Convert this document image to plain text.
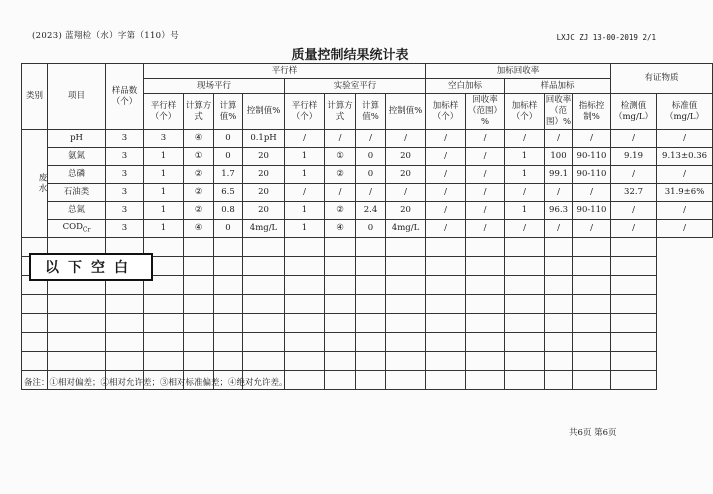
(2023) 蓝翔检（水）字第（110）号	LXJC ZJ 13-00-2019 2/1
质量控制结果统计表
类别	项目	样品数（个）	平行样								加标回收率					有证物质	
			现场平行				实验室平行				空白加标		样品加标				
			平行样（个）	计算方式	计算值%	控制值%	平行样（个）	计算方式	计算值%	控制值%	加标样（个）	回收率（范围）%	加标样（个）	回收率（范围）%	指标控制%	检测值（mg/L）	标准值（mg/L）
废水	pH	3	3	④	0	0.1pH	/	/	/	/	/	/	/	/	/	/	/
	氨氮	3	1	①	0	20	1	①	0	20	/	/	1	100	90-110	9.19	9.13±0.36
	总磷	3	1	②	1.7	20	1	②	0	20	/	/	1	99.1	90-110	/	/
	石油类	3	1	②	6.5	20	/	/	/	/	/	/	/	/	/	32.7	31.9±6%
	总氮	3	1	②	0.8	20	1	②	2.4	20	/	/	1	96.3	90-110	/	/
	$COD_{Cr}$	3	1	④	0	4mg/L	1	④	0	4mg/L	/	/	/	/	/	/	/

以下空白
备注：①相对偏差；②相对允许差；③相对标准偏差；④绝对允许差。
共6页 第6页
